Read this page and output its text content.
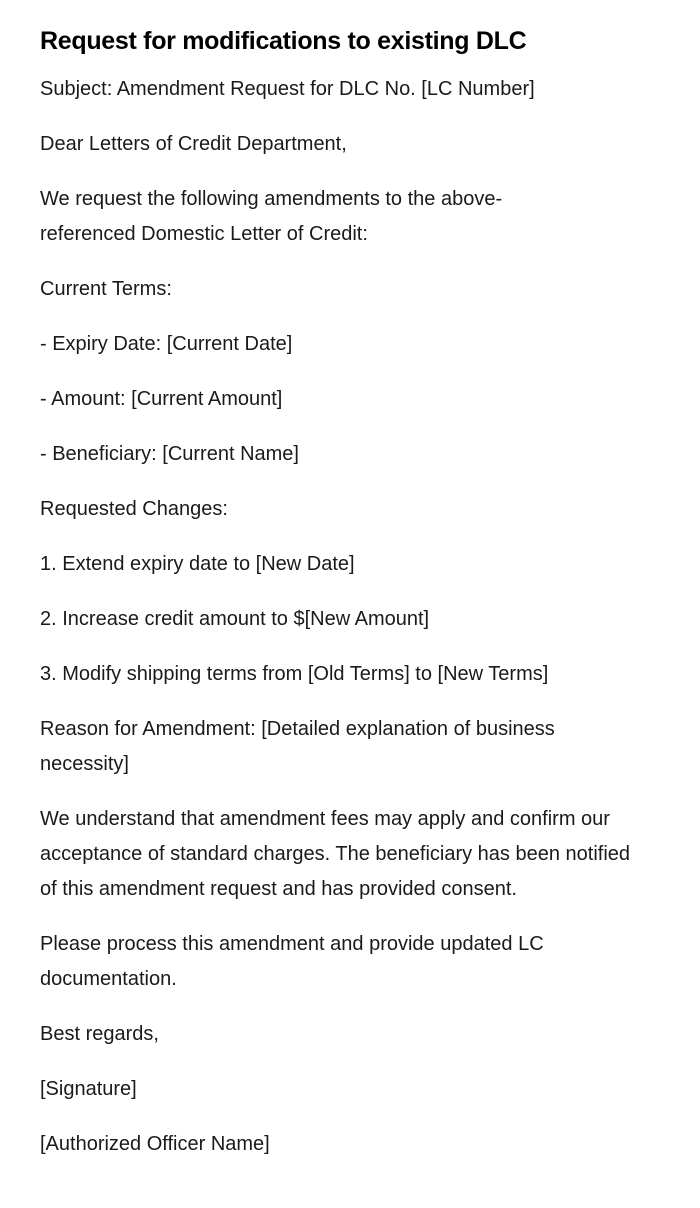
Request for modifications to existing DLC

Subject: Amendment Request for DLC No. [LC Number]

Dear Letters of Credit Department,

We request the following amendments to the above-referenced Domestic Letter of Credit:

Current Terms:

- Expiry Date: [Current Date]

- Amount: [Current Amount]

- Beneficiary: [Current Name]

Requested Changes:

1. Extend expiry date to [New Date]

2. Increase credit amount to $[New Amount]

3. Modify shipping terms from [Old Terms] to [New Terms]

Reason for Amendment: [Detailed explanation of business necessity]

We understand that amendment fees may apply and confirm our acceptance of standard charges. The beneficiary has been notified of this amendment request and has provided consent.

Please process this amendment and provide updated LC documentation.

Best regards,

[Signature]

[Authorized Officer Name]
